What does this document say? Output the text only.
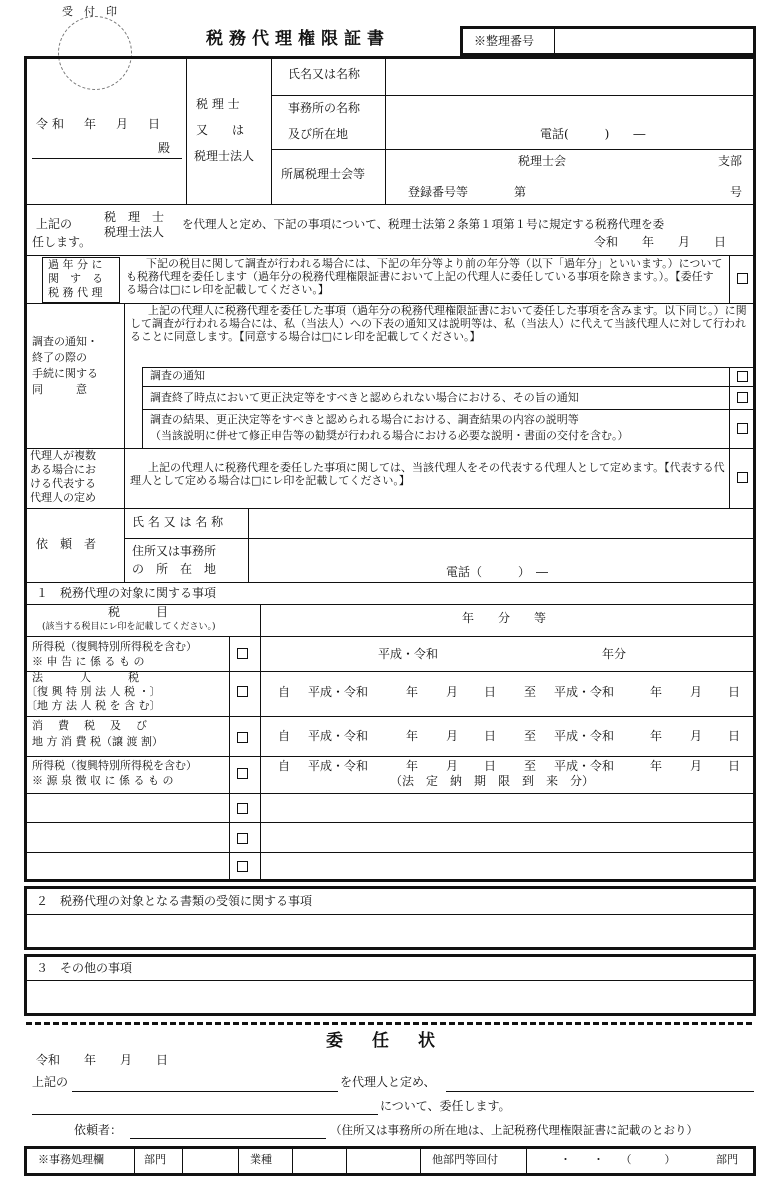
受　付　印
税務代理権限証書	※整理番号
令和　年　月　日
殿
税 理 士
又　　は
税理士法人
氏名又は名称
事務所の名称
及び所在地	電話(　　　)　　―
所属税理士会等
税理士会	支部
登録番号等	第	号
上記の	税　理　士
税理士法人
を代理人と定め、下記の事項について、税理士法第２条第１項第１号に規定する税務代理を委
任します。	令和　　年　　月　　日
過 年 分 に
関　す　る
税 務 代 理
下記の税目に関して調査が行われる場合には、下記の年分等より前の年分等（以下「過年分」といいます。）についても税務代理を委任します（過年分の税務代理権限証書において上記の代理人に委任している事項を除きます。）。【委任する場合は□にレ印を記載してください。】
調査の通知・
終了の際の
手続に関する
同　　　意
上記の代理人に税務代理を委任した事項（過年分の税務代理権限証書において委任した事項を含みます。以下同じ。）に関して調査が行われる場合には、私（当法人）への下表の通知又は説明等は、私（当法人）に代えて当該代理人に対して行われることに同意します。【同意する場合は□にレ印を記載してください。】
調査の通知
調査終了時点において更正決定等をすべきと認められない場合における、その旨の通知
調査の結果、更正決定等をすべきと認められる場合における、調査結果の内容の説明等
（当該説明に併せて修正申告等の勧奨が行われる場合における必要な説明・書面の交付を含む。）
代理人が複数
ある場合にお
ける代表する
代理人の定め
上記の代理人に税務代理を委任した事項に関しては、当該代理人をその代表する代理人として定めます。【代表する代理人として定める場合は□にレ印を記載してください。】
依　頼　者
氏 名 又 は 名 称
住所又は事務所
の　所　在　地	電話（　　　）　―
１　税務代理の対象に関する事項
税　　　目
(該当する税目にレ印を記載してください。)
年　　分　　等
所得税（復興特別所得税を含む）
※ 申 告 に 係 る も の
平成・令和	年分
法　　　人　　　税
〔復 興 特 別 法 人 税 ・〕
〔地 方 法 人 税 を 含 む〕
自 平成・令和	年 月 日 至 平成・令和	年 月 日
消　費　税　及　び
地 方 消 費 税（譲 渡 割）	自 平成・令和	年 月 日 至 平成・令和	年 月 日
所得税（復興特別所得税を含む）
※ 源 泉 徴 収 に 係 る も の
自 平成・令和	年 月 日 至 平成・令和	年 月 日
（法　定　納　期　限　到　来　分）
２　税務代理の対象となる書類の受領に関する事項
３　その他の事項
委　任　状
令和　　年　　月　　日
上記の	を代理人と定め、
について、委任します。
依頼者：	（住所又は事務所の所在地は、上記税務代理権限証書に記載のとおり）
※事務処理欄	部門	業種	他部門等回付	・　　・　　（　　　）	部門
